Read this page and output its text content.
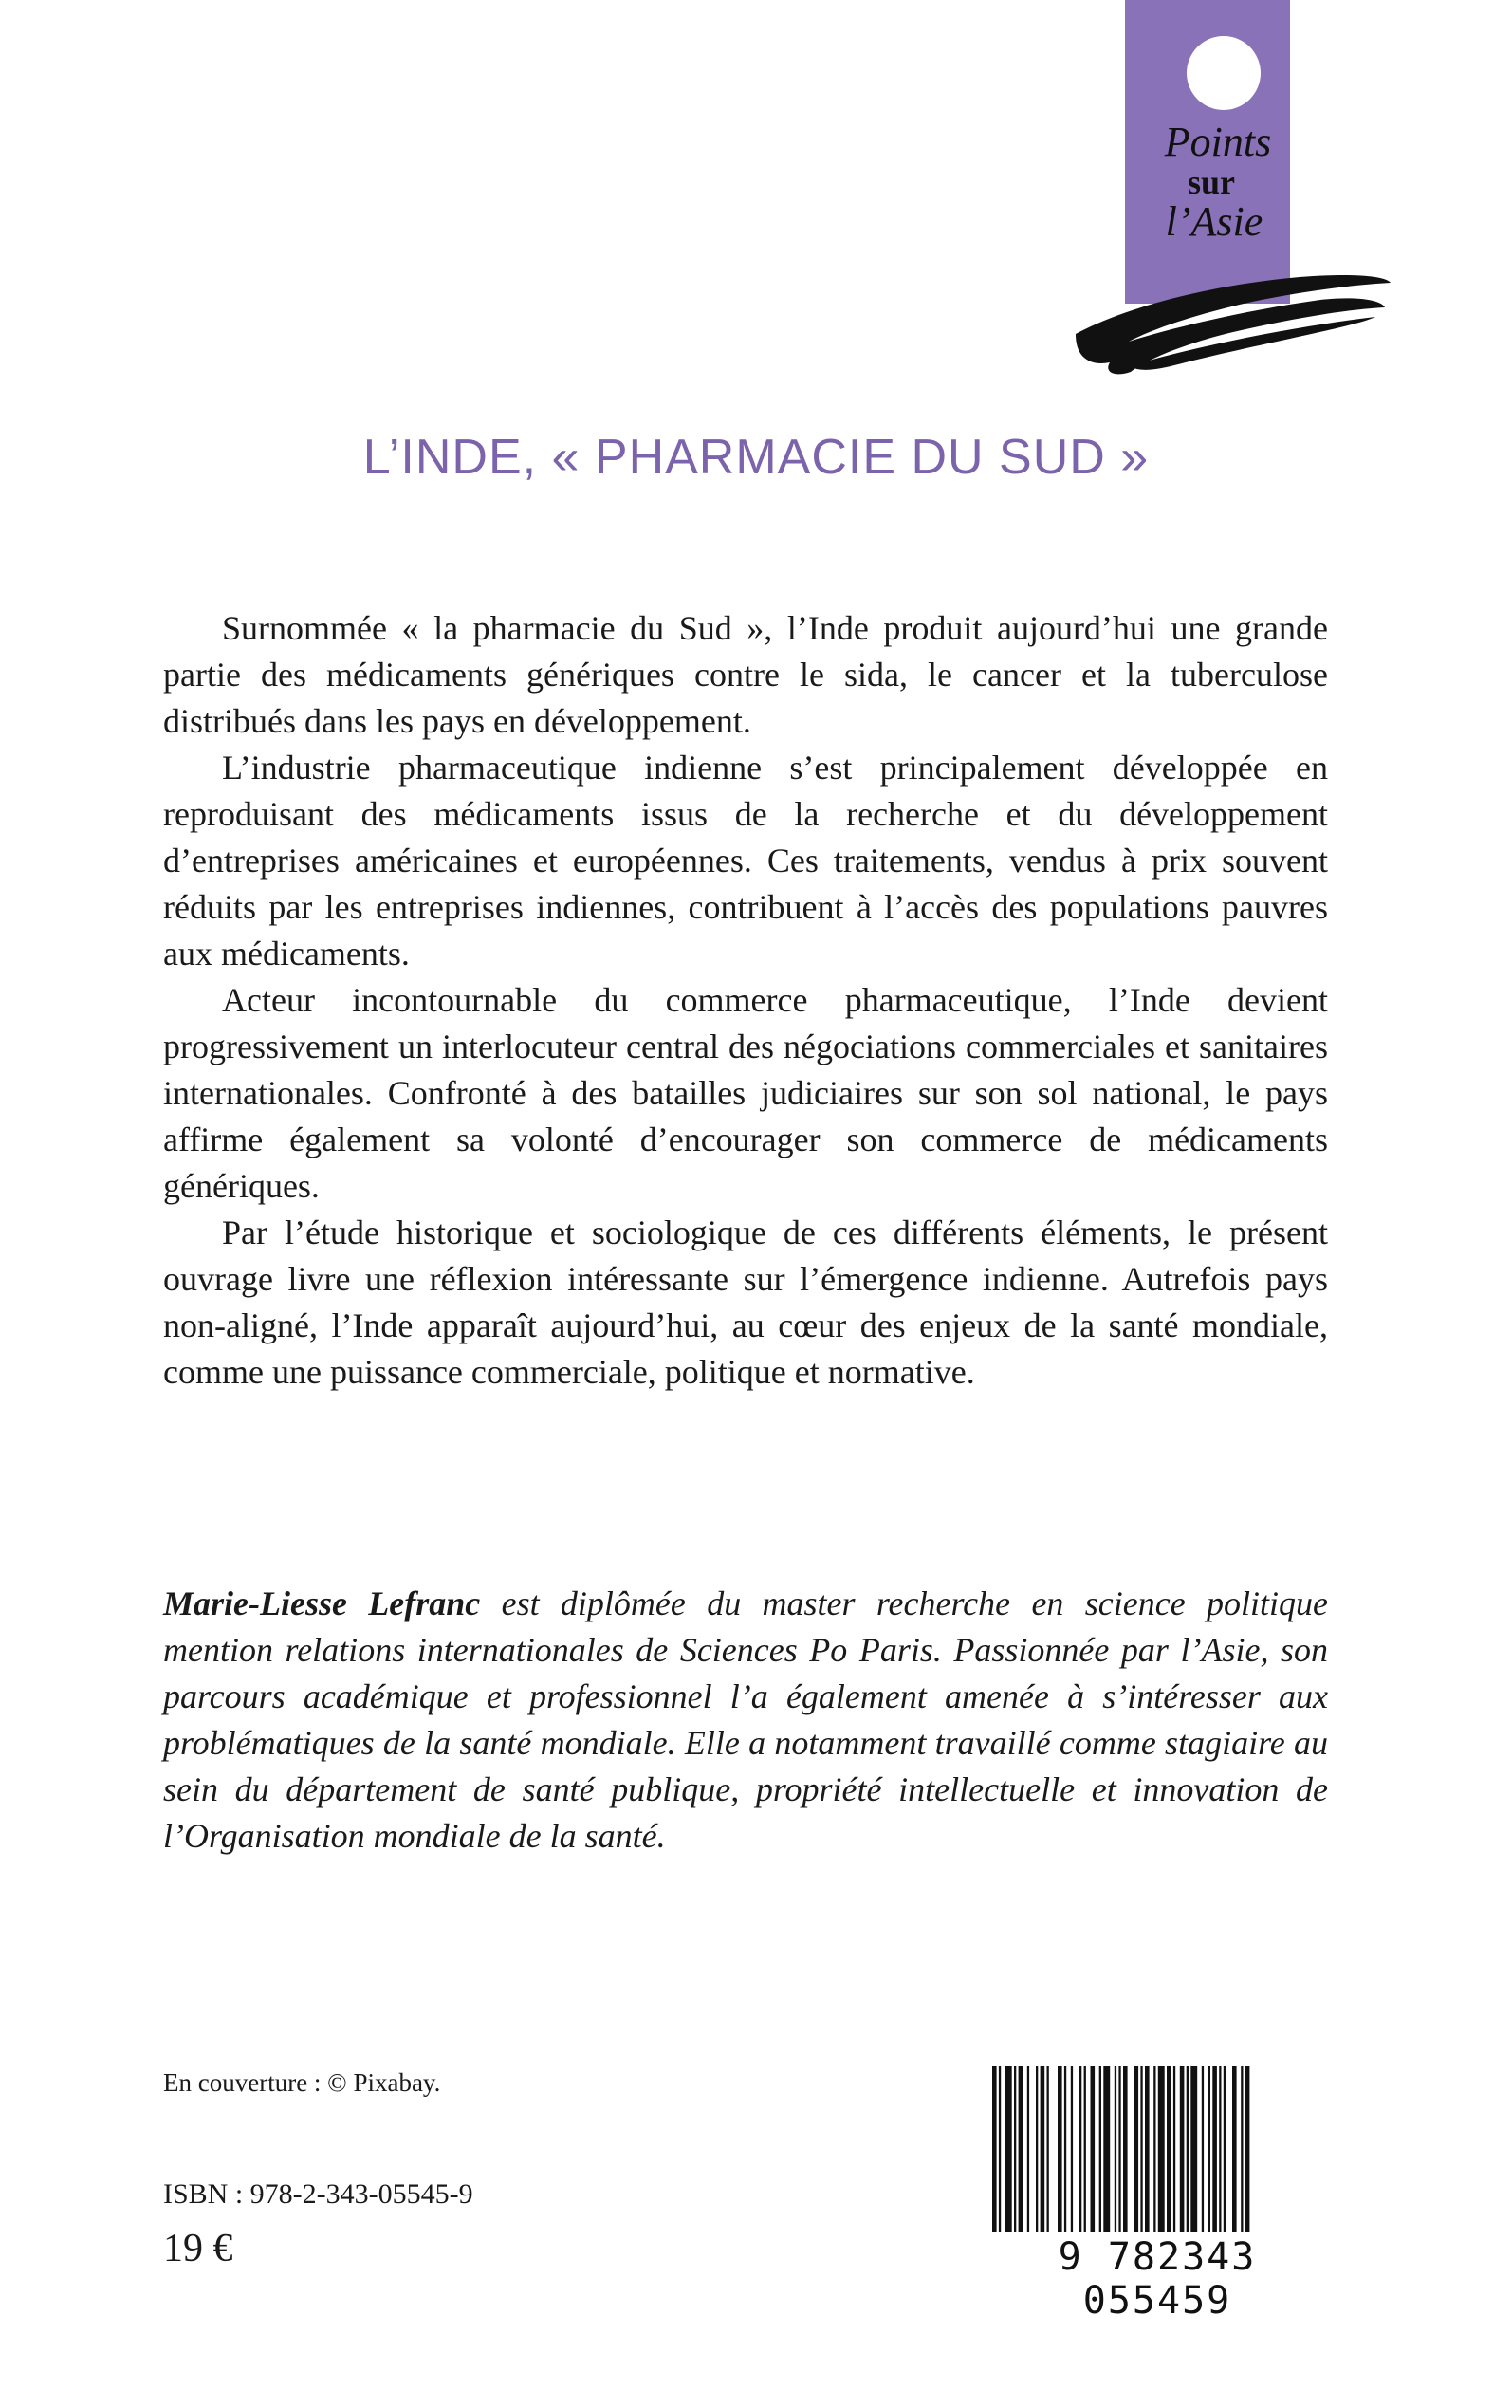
Points
sur
l’Asie
L’INDE, « PHARMACIE DU SUD »

Surnommée « la pharmacie du Sud », l’Inde produit aujourd’hui une grande partie des médicaments génériques contre le sida, le cancer et la tuberculose distribués dans les pays en développement.

L’industrie pharmaceutique indienne s’est principalement développée en reproduisant des médicaments issus de la recherche et du développement d’entreprises américaines et européennes. Ces traitements, vendus à prix souvent réduits par les entreprises indiennes, contribuent à l’accès des populations pauvres aux médicaments.

Acteur incontournable du commerce pharmaceutique, l’Inde devient progressivement un interlocuteur central des négociations commerciales et sanitaires internationales. Confronté à des batailles judiciaires sur son sol national, le pays affirme également sa volonté d’encourager son commerce de médicaments génériques.

Par l’étude historique et sociologique de ces différents éléments, le présent ouvrage livre une réflexion intéressante sur l’émergence indienne. Autrefois pays non-aligné, l’Inde apparaît aujourd’hui, au cœur des enjeux de la santé mondiale, comme une puissance commerciale, politique et normative.

Marie-Liesse Lefranc est diplômée du master recherche en science politique mention relations internationales de Sciences Po Paris. Passionnée par l’Asie, son parcours académique et professionnel l’a également amenée à s’intéresser aux problématiques de la santé mondiale. Elle a notamment travaillé comme stagiaire au sein du département de santé publique, propriété intellectuelle et innovation de l’Organisation mondiale de la santé.
En couverture : © Pixabay.
ISBN : 978-2-343-05545-9
19 €	9 782343 055459
